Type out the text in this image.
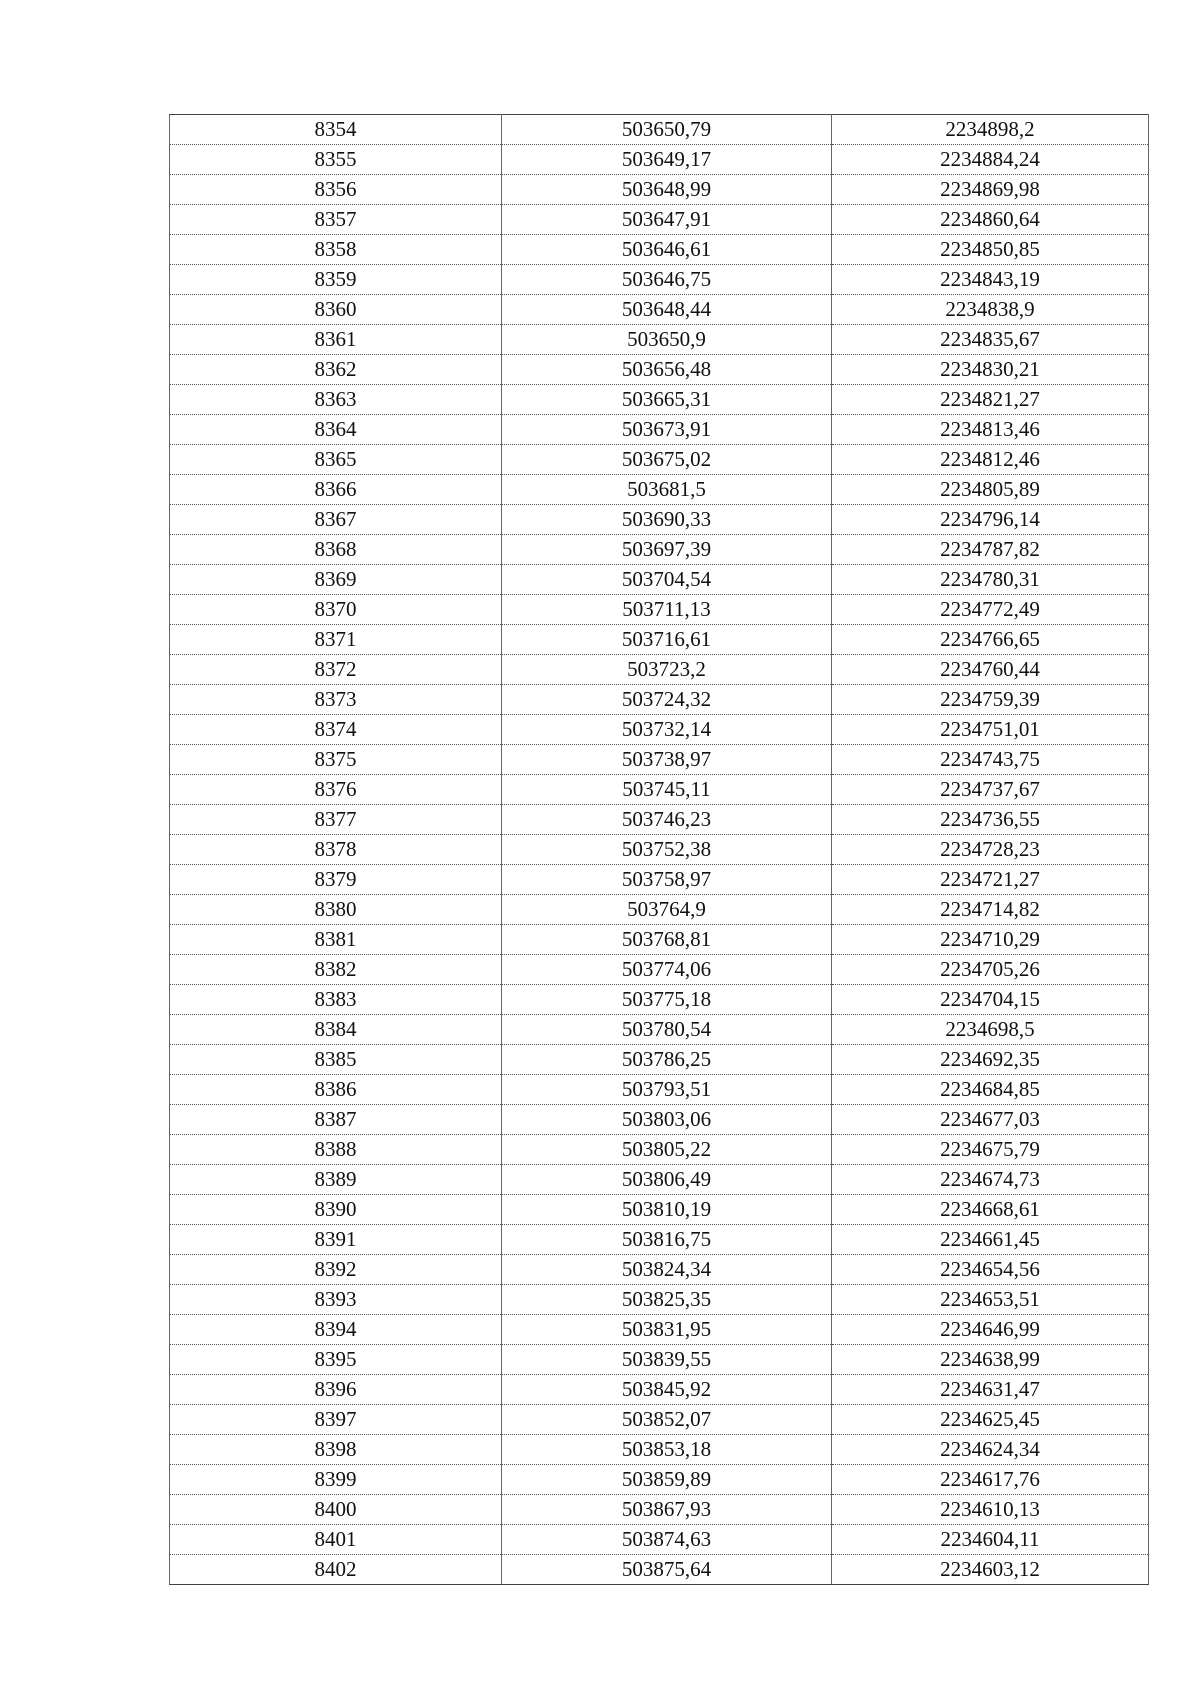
8354	503650,79	2234898,2
8355	503649,17	2234884,24
8356	503648,99	2234869,98
8357	503647,91	2234860,64
8358	503646,61	2234850,85
8359	503646,75	2234843,19
8360	503648,44	2234838,9
8361	503650,9	2234835,67
8362	503656,48	2234830,21
8363	503665,31	2234821,27
8364	503673,91	2234813,46
8365	503675,02	2234812,46
8366	503681,5	2234805,89
8367	503690,33	2234796,14
8368	503697,39	2234787,82
8369	503704,54	2234780,31
8370	503711,13	2234772,49
8371	503716,61	2234766,65
8372	503723,2	2234760,44
8373	503724,32	2234759,39
8374	503732,14	2234751,01
8375	503738,97	2234743,75
8376	503745,11	2234737,67
8377	503746,23	2234736,55
8378	503752,38	2234728,23
8379	503758,97	2234721,27
8380	503764,9	2234714,82
8381	503768,81	2234710,29
8382	503774,06	2234705,26
8383	503775,18	2234704,15
8384	503780,54	2234698,5
8385	503786,25	2234692,35
8386	503793,51	2234684,85
8387	503803,06	2234677,03
8388	503805,22	2234675,79
8389	503806,49	2234674,73
8390	503810,19	2234668,61
8391	503816,75	2234661,45
8392	503824,34	2234654,56
8393	503825,35	2234653,51
8394	503831,95	2234646,99
8395	503839,55	2234638,99
8396	503845,92	2234631,47
8397	503852,07	2234625,45
8398	503853,18	2234624,34
8399	503859,89	2234617,76
8400	503867,93	2234610,13
8401	503874,63	2234604,11
8402	503875,64	2234603,12
